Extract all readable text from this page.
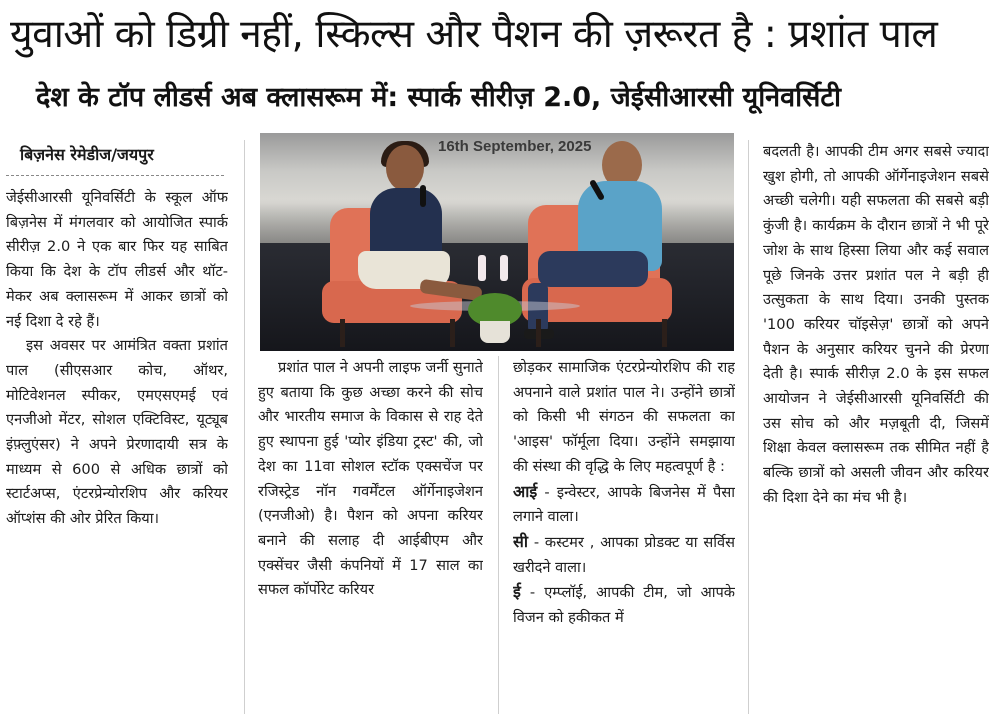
युवाओं को डिग्री नहीं, स्किल्स और पैशन की ज़रूरत है : प्रशांत पाल
देश के टॉप लीडर्स अब क्लासरूम में: स्पार्क सीरीज़ 2.0, जेईसीआरसी यूनिवर्सिटी
बिज़नेस रेमेडीज/जयपुर

जेईसीआरसी यूनिवर्सिटी के स्कूल ऑफ बिज़नेस में मंगलवार को आयोजित स्पार्क सीरीज़ 2.0 ने एक बार फिर यह साबित किया कि देश के टॉप लीडर्स और थॉट-मेकर अब क्लासरूम में आकर छात्रों को नई दिशा दे रहे हैं।

इस अवसर पर आमंत्रित वक्ता प्रशांत पाल (सीएसआर कोच, ऑथर, मोटिवेशनल स्पीकर, एमएसएमई एवं एनजीओ मेंटर, सोशल एक्टिविस्ट, यूट्यूब इंफ़्लुएंसर) ने अपने प्रेरणादायी सत्र के माध्यम से 600 से अधिक छात्रों को स्टार्टअप्स, एंटरप्रेन्योरशिप और करियर ऑप्शंस की ओर प्रेरित किया।

16th September, 2025

प्रशांत पाल ने अपनी लाइफ जर्नी सुनाते हुए बताया कि कुछ अच्छा करने की सोच और भारतीय समाज के विकास से राह देते हुए स्थापना हुई 'प्योर इंडिया ट्रस्ट' की, जो देश का 11वा सोशल स्टॉक एक्सचेंज पर रजिस्ट्रेड नॉन गवर्मेंटल ऑर्गेनाइजेशन (एनजीओ) है। पैशन को अपना करियर बनाने की सलाह दी आईबीएम और एक्सेंचर जैसी कंपनियों में 17 साल का सफल कॉर्पोरेट करियर

छोड़कर सामाजिक एंटरप्रेन्योरशिप की राह अपनाने वाले प्रशांत पाल ने। उन्होंने छात्रों को किसी भी संगठन की सफलता का 'आइस' फॉर्मूला दिया। उन्होंने समझाया की संस्था की वृद्धि के लिए महत्वपूर्ण है :

आई - इन्वेस्टर, आपके बिजनेस में पैसा लगाने वाला।

सी - कस्टमर , आपका प्रोडक्ट या सर्विस खरीदने वाला।

ई - एम्प्लॉई, आपकी टीम, जो आपके विजन को हकीकत में

बदलती है। आपकी टीम अगर सबसे ज्यादा खुश होगी, तो आपकी ऑर्गेनाइजेशन सबसे अच्छी चलेगी। यही सफलता की सबसे बड़ी कुंजी है। कार्यक्रम के दौरान छात्रों ने भी पूरे जोश के साथ हिस्सा लिया और कई सवाल पूछे जिनके उत्तर प्रशांत पल ने बड़ी ही उत्सुकता के साथ दिया। उनकी पुस्तक '100 करियर चॉइसेज़' छात्रों को अपने पैशन के अनुसार करियर चुनने की प्रेरणा देती है। स्पार्क सीरीज़ 2.0 के इस सफल आयोजन ने जेईसीआरसी यूनिवर्सिटी की उस सोच को और मज़बूती दी, जिसमें शिक्षा केवल क्लासरूम तक सीमित नहीं है बल्कि छात्रों को असली जीवन और करियर की दिशा देने का मंच भी है।
